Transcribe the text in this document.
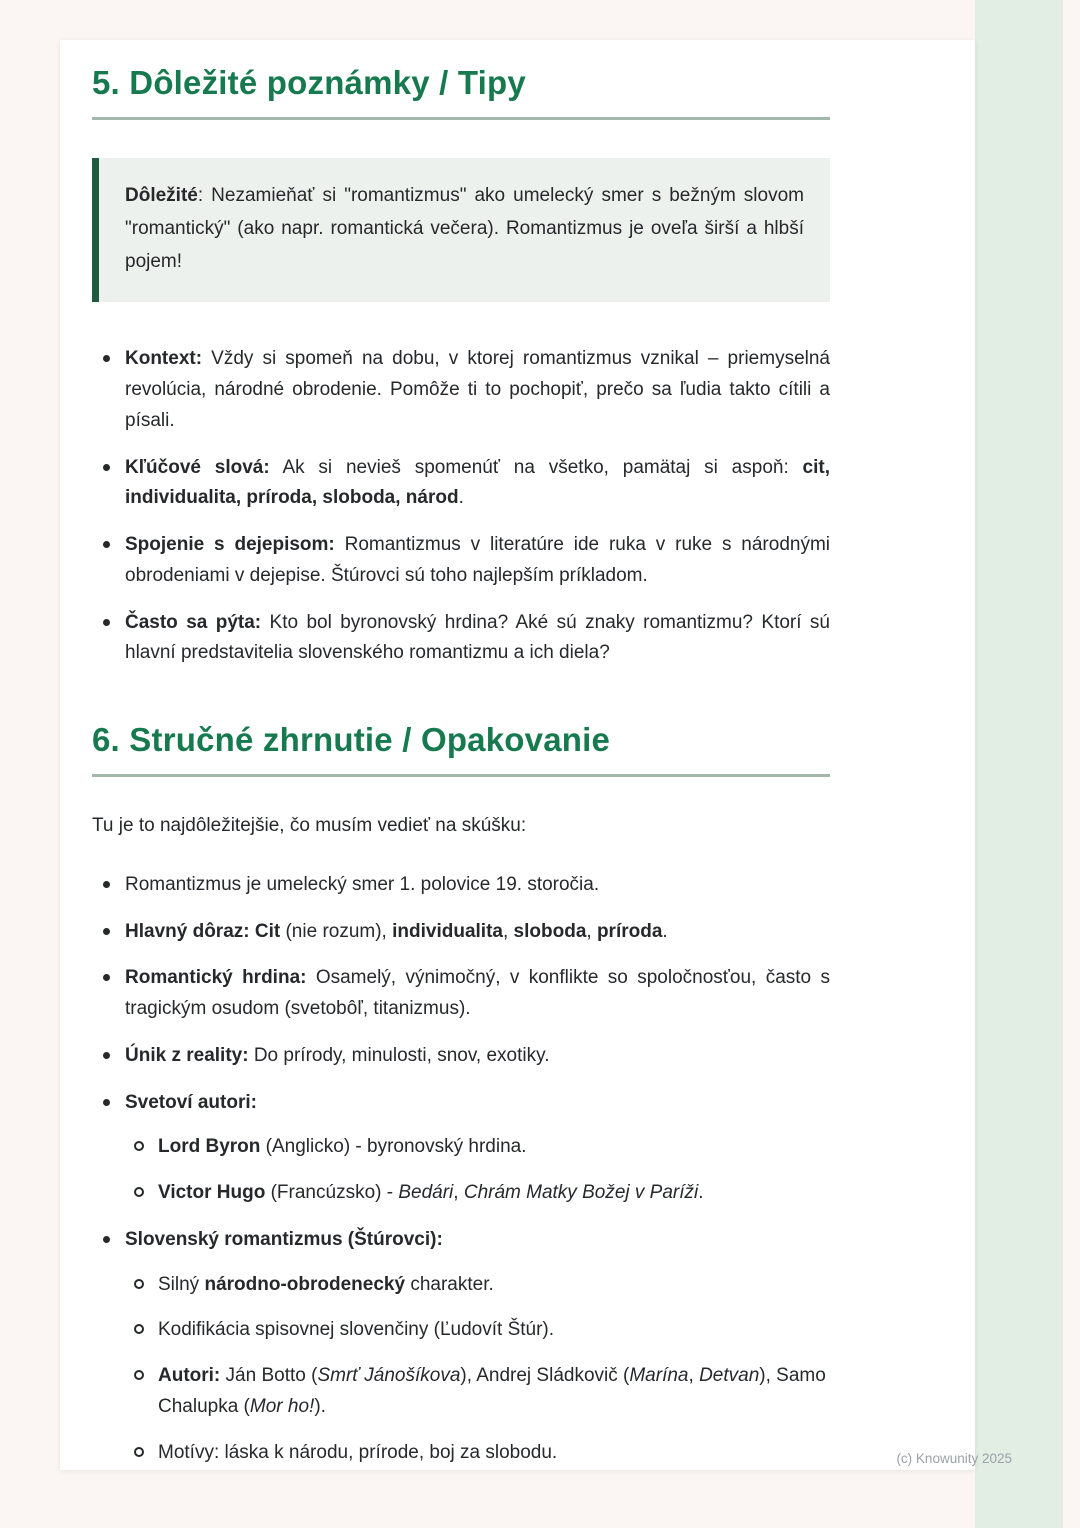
5. Dôležité poznámky / Tipy
Dôležité: Nezamieňať si "romantizmus" ako umelecký smer s bežným slovom "romantický" (ako napr. romantická večera). Romantizmus je oveľa širší a hlbší pojem!
Kontext: Vždy si spomeň na dobu, v ktorej romantizmus vznikal – priemyselná revolúcia, národné obrodenie. Pomôže ti to pochopiť, prečo sa ľudia takto cítili a písali.
Kľúčové slová: Ak si nevieš spomenúť na všetko, pamätaj si aspoň: cit, individualita, príroda, sloboda, národ.
Spojenie s dejepisom: Romantizmus v literatúre ide ruka v ruke s národnými obrodeniami v dejepise. Štúrovci sú toho najlepším príkladom.
Často sa pýta: Kto bol byronovský hrdina? Aké sú znaky romantizmu? Ktorí sú hlavní predstavitelia slovenského romantizmu a ich diela?
6. Stručné zhrnutie / Opakovanie

Tu je to najdôležitejšie, čo musím vedieť na skúšku:

Romantizmus je umelecký smer 1. polovice 19. storočia.
Hlavný dôraz: Cit (nie rozum), individualita, sloboda, príroda.
Romantický hrdina: Osamelý, výnimočný, v konflikte so spoločnosťou, často s tragickým osudom (svetobôľ, titanizmus).
Únik z reality: Do prírody, minulosti, snov, exotiky.
Svetoví autori:
Lord Byron (Anglicko) - byronovský hrdina.
Victor Hugo (Francúzsko) - Bedári, Chrám Matky Božej v Paríži.
Slovenský romantizmus (Štúrovci):
Silný národno-obrodenecký charakter.
Kodifikácia spisovnej slovenčiny (Ľudovít Štúr).
Autori: Ján Botto (Smrť Jánošíkova), Andrej Sládkovič (Marína, Detvan), Samo Chalupka (Mor ho!).
Motívy: láska k národu, prírode, boj za slobodu.	(c) Knowunity 2025
